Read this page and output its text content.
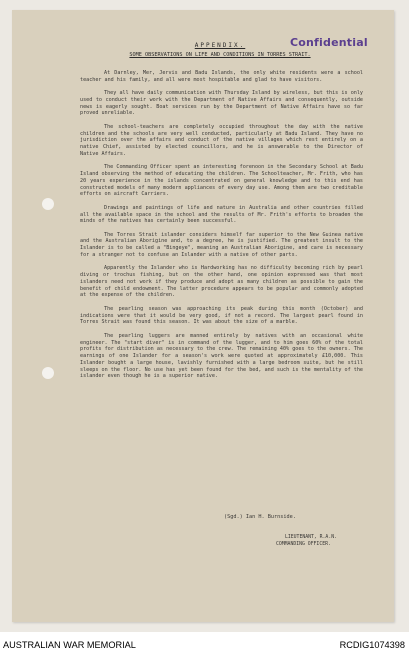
Confidential
APPENDIX.
SOME OBSERVATIONS ON LIFE AND CONDITIONS IN TORRES STRAIT.

At Darnley, Mer, Jervis and Badu Islands, the only white residents were a school teacher and his family, and all were most hospitable and glad to have visitors.

They all have daily communication with Thursday Island by wireless, but this is only used to conduct their work with the Department of Native Affairs and consequently, outside news is eagerly sought. Boat services run by the Department of Native Affairs have so far proved unreliable.

The school-teachers are completely occupied throughout the day with the native children and the schools are very well conducted, particularly at Badu Island. They have no jurisdiction over the affairs and conduct of the native villages which rest entirely on a native Chief, assisted by elected councillors, and he is answerable to the Director of Native Affairs.

The Commanding Officer spent an interesting forenoon in the Secondary School at Badu Island observing the method of educating the children. The Schoolteacher, Mr. Frith, who has 20 years experience in the islands concentrated on general knowledge and to this end has constructed models of many modern appliances of every day use. Among them are two creditable efforts on aircraft Carriers.

Drawings and paintings of life and nature in Australia and other countries filled all the available space in the school and the results of Mr. Frith's efforts to broaden the minds of the natives has certainly been successful.

The Torres Strait islander considers himself far superior to the New Guinea native and the Australian Aborigine and, to a degree, he is justified. The greatest insult to the Islander is to be called a "Bingeye", meaning an Australian Aborigine, and care is necessary for a stranger not to confuse an Islander with a native of other parts.

Apparently the Islander who is Hardworking has no difficulty becoming rich by pearl diving or trochus fishing, but on the other hand, one opinion expressed was that most islanders need not work if they produce and adopt as many children as possible to gain the benefit of child endowment. The latter procedure appears to be popular and commonly adopted at the expense of the children.

The pearling season was approaching its peak during this month (October) and indications were that it would be very good, if not a record. The largest pearl found in Torres Strait was found this season. It was about the size of a marble.

The pearling luggers are manned entirely by natives with an occasional white engineer. The "start diver" is in command of the lugger, and to him goes 60% of the total profits for distribution as necessary to the crew. The remaining 40% goes to the owners. The earnings of one Islander for a season's work were quoted at approximately £10,000. This Islander bought a large house, lavishly furnished with a large bedroom suite, but he still sleeps on the floor. No use has yet been found for the bed, and such is the mentality of the islander even though he is a superior native.

(Sgd.) Ian H. Burnside.
LIEUTENANT, R.A.N.
COMMANDING OFFICER.
AUSTRALIAN WAR MEMORIAL	RCDIG1074398
